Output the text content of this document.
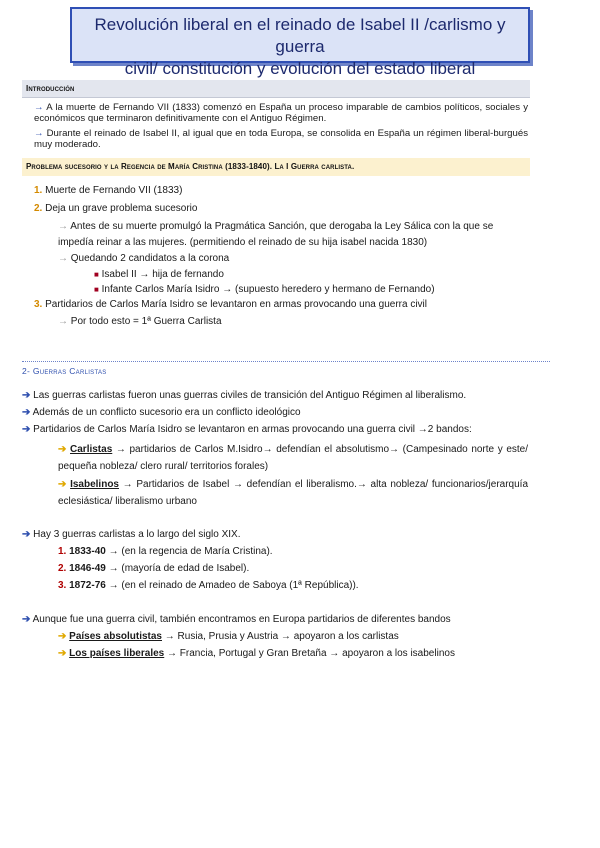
Revolución liberal en el reinado de Isabel II /carlismo y guerra
civil/ constitución y evolución del estado liberal
Introducción
→ A la muerte de Fernando VII (1833) comenzó en España un proceso imparable de cambios políticos, sociales y económicos que terminaron definitivamente con el Antiguo Régimen.
→ Durante el reinado de Isabel II, al igual que en toda Europa, se consolida en España un régimen liberal-burgués muy moderado.
Problema sucesorio y la Regencia de María Cristina (1833-1840). La I Guerra carlista.
1. Muerte de Fernando VII (1833)
2. Deja un grave problema sucesorio
→ Antes de su muerte promulgó la Pragmática Sanción, que derogaba la Ley Sálica con la que se impedía reinar a las mujeres. (permitiendo el reinado de su hija isabel nacida 1830)
→ Quedando 2 candidatos a la corona
■ Isabel II → hija de fernando
■ Infante Carlos María Isidro → (supuesto heredero y hermano de Fernando)
3. Partidarios de Carlos María Isidro se levantaron en armas provocando una guerra civil
→ Por todo esto = 1ª Guerra Carlista
2- Guerras Carlistas
➔ Las guerras carlistas fueron unas guerras civiles de transición del Antiguo Régimen al liberalismo.
➔ Además de un conflicto sucesorio era un conflicto ideológico
➔ Partidarios de Carlos María Isidro se levantaron en armas provocando una guerra civil →2 bandos:
➔ Carlistas → partidarios de Carlos M.Isidro→ defendían el absolutismo→ (Campesinado norte y este/ pequeña nobleza/ clero rural/ territorios forales)
➔ Isabelinos → Partidarios de Isabel → defendían el liberalismo.→ alta nobleza/ funcionarios/jerarquía eclesiástica/ liberalismo urbano
➔ Hay 3 guerras carlistas a lo largo del siglo XIX.
1. 1833-40 → (en la regencia de María Cristina).
2. 1846-49 → (mayoría de edad de Isabel).
3. 1872-76 → (en el reinado de Amadeo de Saboya (1ª República)).
➔ Aunque fue una guerra civil, también encontramos en Europa partidarios de diferentes bandos
➔ Países absolutistas → Rusia, Prusia y Austria → apoyaron a los carlistas
➔ Los países liberales → Francia, Portugal y Gran Bretaña → apoyaron a los isabelinos
